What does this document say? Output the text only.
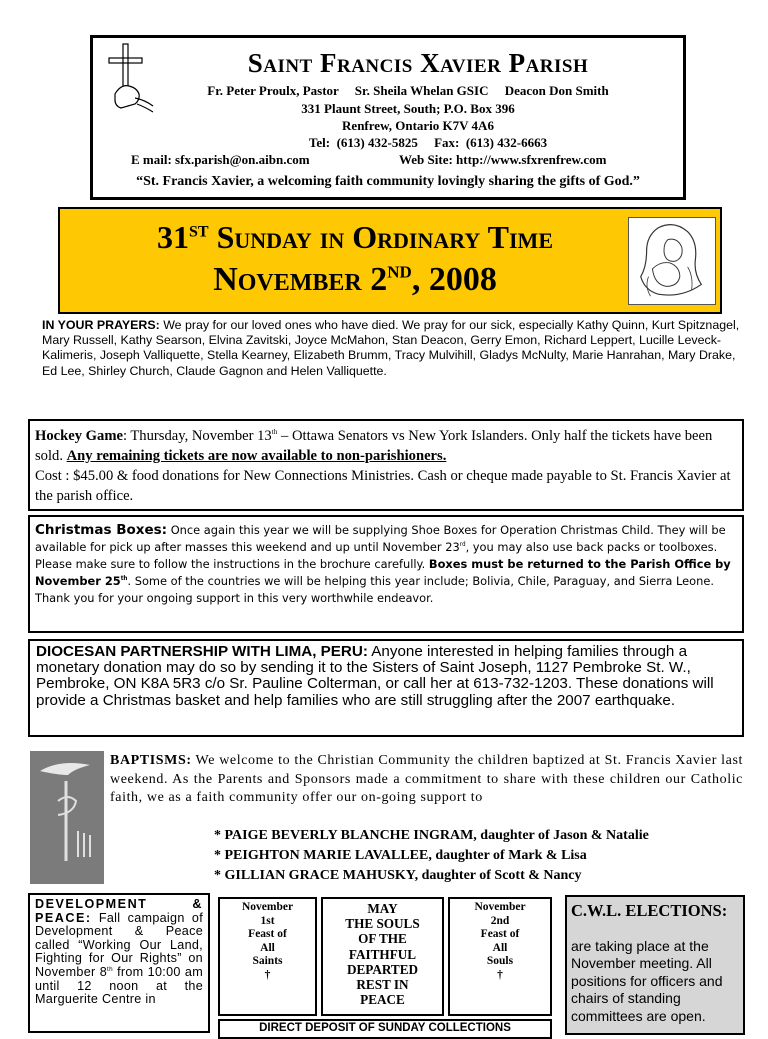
Saint Francis Xavier Parish
Fr. Peter Proulx, Pastor     Sr. Sheila Whelan GSIC     Deacon Don Smith
331 Plaunt Street, South; P.O. Box 396
Renfrew, Ontario K7V 4A6
Tel:  (613) 432-5825     Fax:  (613) 432-6663
E mail: sfx.parish@on.aibn.com	Web Site: http://www.sfxrenfrew.com
“St. Francis Xavier, a welcoming faith community lovingly sharing the gifts of God.”
31ST Sunday in Ordinary Time
November 2ND, 2008
IN YOUR PRAYERS: We pray for our loved ones who have died. We pray for our sick, especially Kathy Quinn, Kurt Spitznagel, Mary Russell, Kathy Searson, Elvina Zavitski, Joyce McMahon, Stan Deacon, Gerry Emon, Richard Leppert, Lucille Leveck-Kalimeris, Joseph Valliquette, Stella Kearney, Elizabeth Brumm, Tracy Mulvihill, Gladys McNulty, Marie Hanrahan, Mary Drake, Ed Lee, Shirley Church, Claude Gagnon and Helen Valliquette.
Hockey Game: Thursday, November 13th – Ottawa Senators vs New York Islanders. Only half the tickets have been sold. Any remaining tickets are now available to non-parishioners.
Cost : $45.00 & food donations for New Connections Ministries. Cash or cheque made payable to St. Francis Xavier at the parish office.
Christmas Boxes: Once again this year we will be supplying Shoe Boxes for Operation Christmas Child. They will be available for pick up after masses this weekend and up until November 23rd, you may also use back packs or toolboxes. Please make sure to follow the instructions in the brochure carefully. Boxes must be returned to the Parish Office by November 25th. Some of the countries we will be helping this year include; Bolivia, Chile, Paraguay, and Sierra Leone. Thank you for your ongoing support in this very worthwhile endeavor.
DIOCESAN PARTNERSHIP WITH LIMA, PERU: Anyone interested in helping families through a monetary donation may do so by sending it to the Sisters of Saint Joseph, 1127 Pembroke St. W., Pembroke, ON K8A 5R3 c/o Sr. Pauline Colterman, or call her at 613-732-1203. These donations will provide a Christmas basket and help families who are still struggling after the 2007 earthquake.
BAPTISMS: We welcome to the Christian Community the children baptized at St. Francis Xavier last weekend. As the Parents and Sponsors made a commitment to share with these children our Catholic faith, we as a faith community offer our on-going support to
* PAIGE BEVERLY BLANCHE INGRAM, daughter of Jason & Natalie
* PEIGHTON MARIE LAVALLEE, daughter of Mark & Lisa
* GILLIAN GRACE MAHUSKY, daughter of Scott & Nancy
DEVELOPMENT & PEACE: Fall campaign of Development & Peace called “Working Our Land, Fighting for Our Rights” on November 8th from 10:00 am until 12 noon at the Marguerite Centre in
November
1st
Feast of
All
Saints
†
MAY
THE SOULS
OF THE
FAITHFUL
DEPARTED
REST IN
PEACE
November
2nd
Feast of
All
Souls
†
DIRECT DEPOSIT OF SUNDAY COLLECTIONS
C.W.L. ELECTIONS:
are taking place at the November meeting. All positions for officers and chairs of standing committees are open.
